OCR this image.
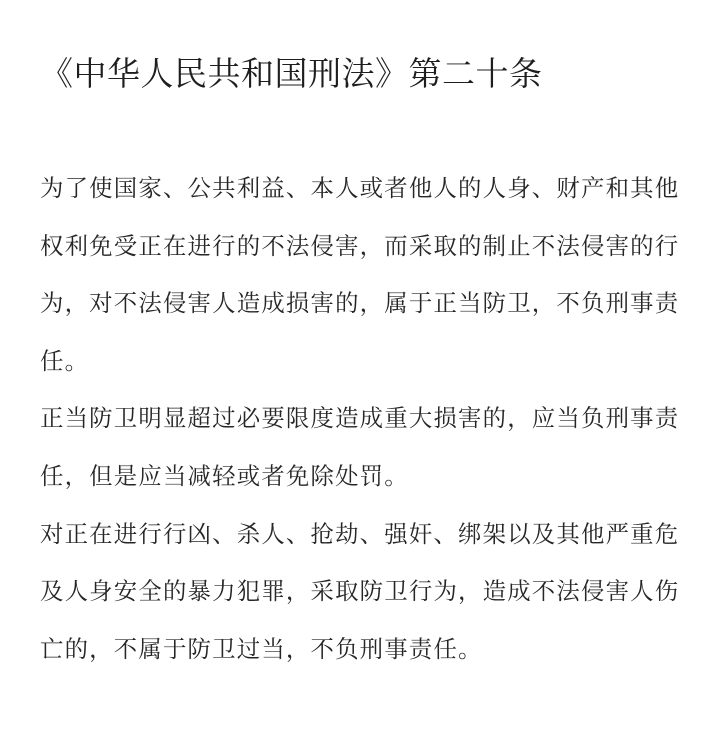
《中华人民共和国刑法》第二十条

为了使国家、公共利益、本人或者他人的人身、财产和其他权利免受正在进行的不法侵害，而采取的制止不法侵害的行为，对不法侵害人造成损害的，属于正当防卫，不负刑事责任。

正当防卫明显超过必要限度造成重大损害的，应当负刑事责任，但是应当减轻或者免除处罚。

对正在进行行凶、杀人、抢劫、强奸、绑架以及其他严重危及人身安全的暴力犯罪，采取防卫行为，造成不法侵害人伤亡的，不属于防卫过当，不负刑事责任。
